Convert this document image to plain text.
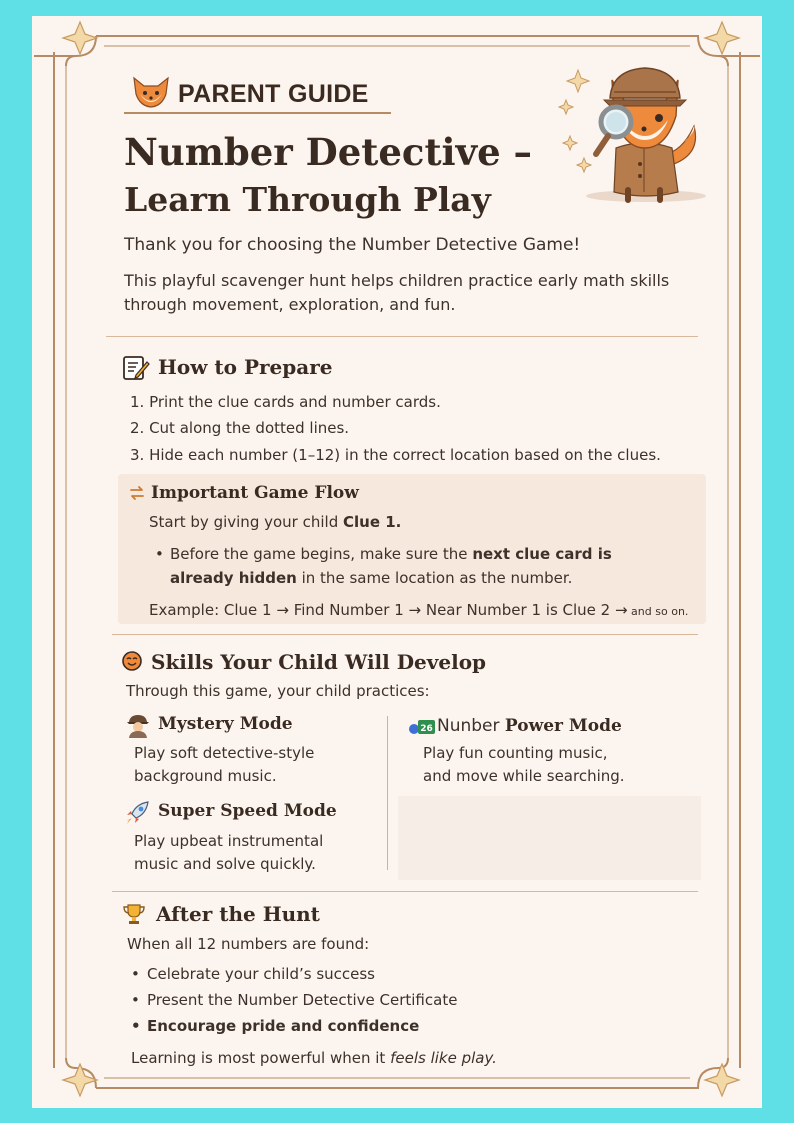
PARENT GUIDE
Number Detective –
Learn Through Play
Thank you for choosing the Number Detective Game!
This playful scavenger hunt helps children practice early math skills
through movement, exploration, and fun.
How to Prepare
1. Print the clue cards and number cards.
2. Cut along the dotted lines.
3. Hide each number (1–12) in the correct location based on the clues.
Important Game Flow
Start by giving your child Clue 1.
• Before the game begins, make sure the next clue card is
already hidden in the same location as the number.
Example: Clue 1 → Find Number 1 → Near Number 1 is Clue 2 → and so on.
Skills Your Child Will Develop
Through this game, your child practices:
Mystery Mode
Play soft detective-style
background music.
26 Nunber Power Mode
Play fun counting music,
and move while searching.
Super Speed Mode
Play upbeat instrumental
music and solve quickly.
After the Hunt
When all 12 numbers are found:
• Celebrate your child’s success
• Present the Number Detective Certificate
• Encourage pride and confidence
Learning is most powerful when it feels like play.
